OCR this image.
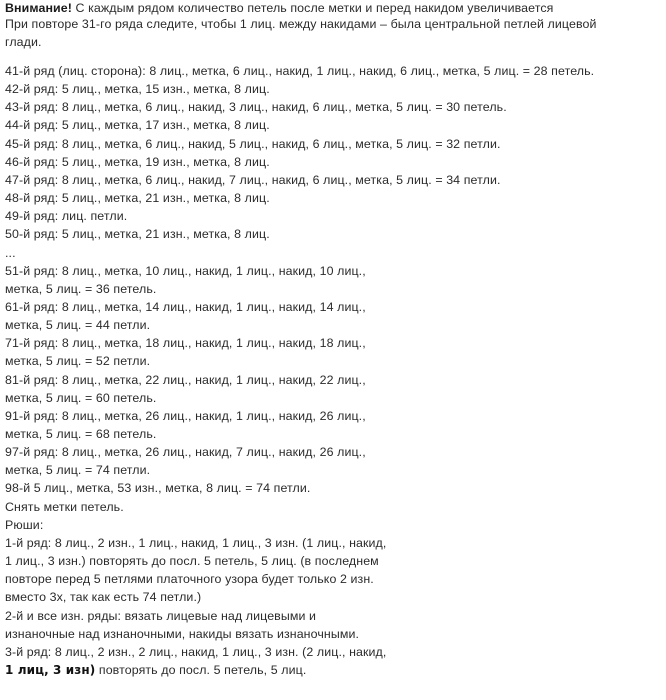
Внимание! С каждым рядом количество петель после метки и перед накидом увеличивается
При повторе 31-го ряда следите, чтобы 1 лиц. между накидами – была центральной петлей лицевой
глади.
41-й ряд (лиц. сторона): 8 лиц., метка, 6 лиц., накид, 1 лиц., накид, 6 лиц., метка, 5 лиц. = 28 петель.
42-й ряд: 5 лиц., метка, 15 изн., метка, 8 лиц.
43-й ряд: 8 лиц., метка, 6 лиц., накид, 3 лиц., накид, 6 лиц., метка, 5 лиц. = 30 петель.
44-й ряд: 5 лиц., метка, 17 изн., метка, 8 лиц.
45-й ряд: 8 лиц., метка, 6 лиц., накид, 5 лиц., накид, 6 лиц., метка, 5 лиц. = 32 петли.
46-й ряд: 5 лиц., метка, 19 изн., метка, 8 лиц.
47-й ряд: 8 лиц., метка, 6 лиц., накид, 7 лиц., накид, 6 лиц., метка, 5 лиц. = 34 петли.
48-й ряд: 5 лиц., метка, 21 изн., метка, 8 лиц.
49-й ряд: лиц. петли.
50-й ряд: 5 лиц., метка, 21 изн., метка, 8 лиц.
...
51-й ряд: 8 лиц., метка, 10 лиц., накид, 1 лиц., накид, 10 лиц.,
метка, 5 лиц. = 36 петель.
61-й ряд: 8 лиц., метка, 14 лиц., накид, 1 лиц., накид, 14 лиц.,
метка, 5 лиц. = 44 петли.
71-й ряд: 8 лиц., метка, 18 лиц., накид, 1 лиц., накид, 18 лиц.,
метка, 5 лиц. = 52 петли.
81-й ряд: 8 лиц., метка, 22 лиц., накид, 1 лиц., накид, 22 лиц.,
метка, 5 лиц. = 60 петель.
91-й ряд: 8 лиц., метка, 26 лиц., накид, 1 лиц., накид, 26 лиц.,
метка, 5 лиц. = 68 петель.
97-й ряд: 8 лиц., метка, 26 лиц., накид, 7 лиц., накид, 26 лиц.,
метка, 5 лиц. = 74 петли.
98-й 5 лиц., метка, 53 изн., метка, 8 лиц. = 74 петли.
Снять метки петель.
Рюши:
1-й ряд: 8 лиц., 2 изн., 1 лиц., накид, 1 лиц., 3 изн. (1 лиц., накид,
1 лиц., 3 изн.) повторять до посл. 5 петель, 5 лиц. (в последнем
повторе перед 5 петлями платочного узора будет только 2 изн.
вместо 3х, так как есть 74 петли.)
2-й и все изн. ряды: вязать лицевые над лицевыми и
изнаночные над изнаночными, накиды вязать изнаночными.
3-й ряд: 8 лиц., 2 изн., 2 лиц., накид, 1 лиц., 3 изн. (2 лиц., накид,
1 лиц, 3 изн) повторять до посл. 5 петель, 5 лиц.
